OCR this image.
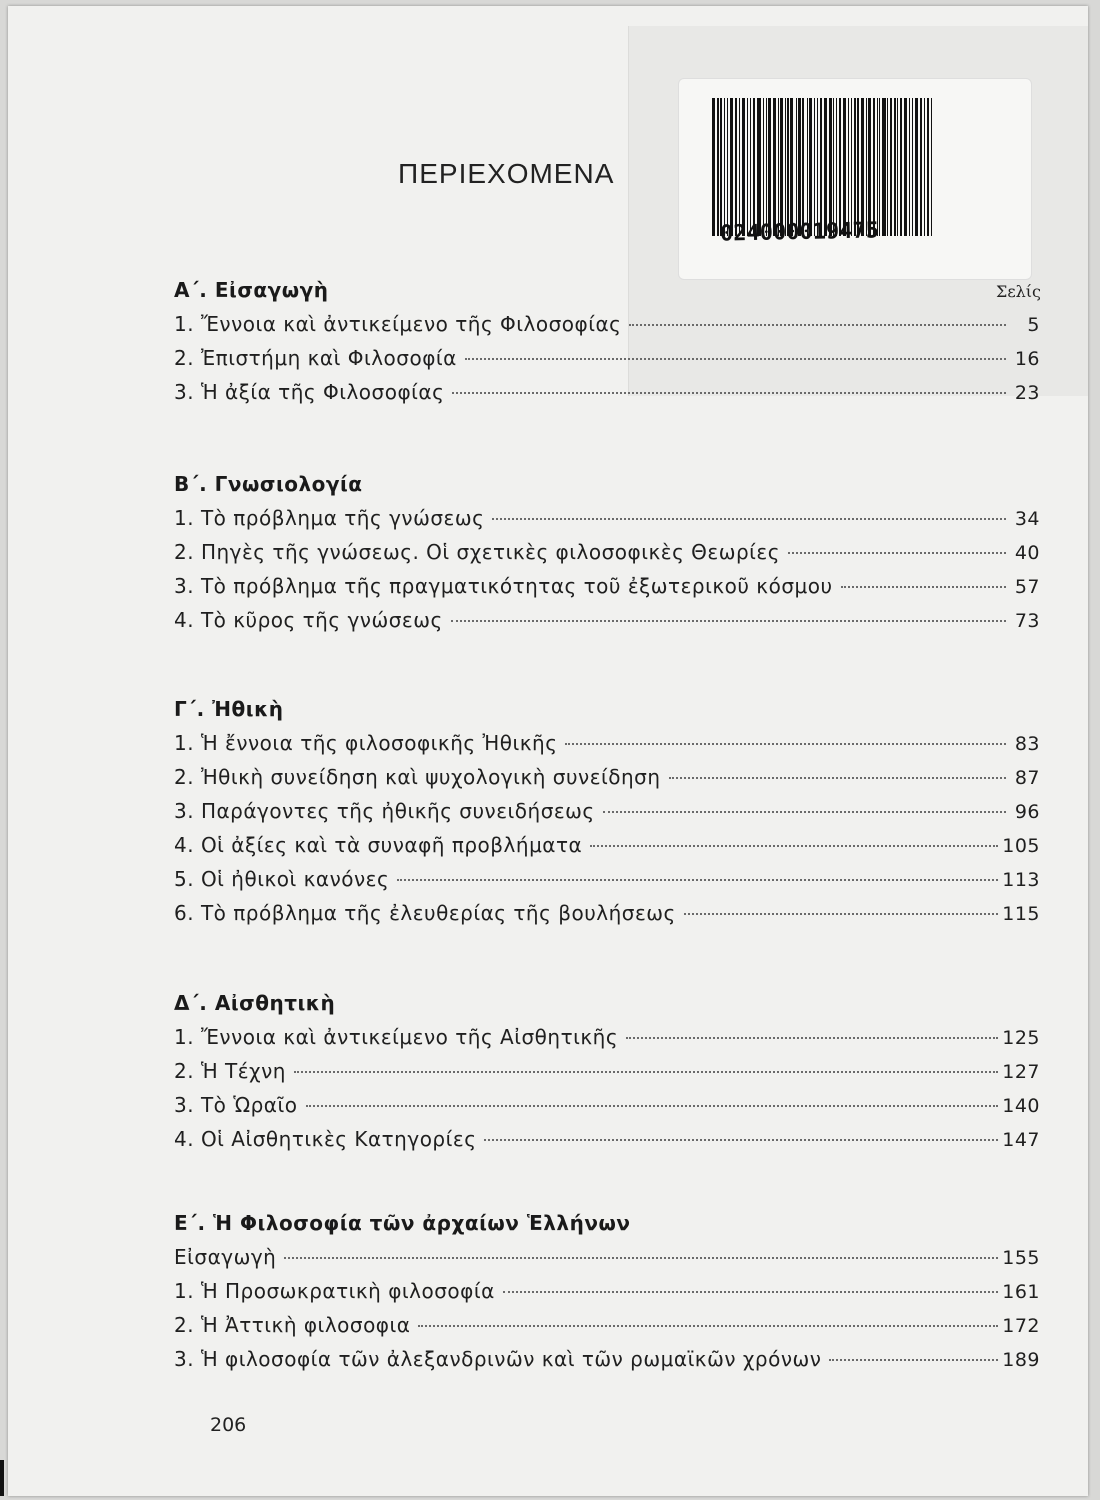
ΠΕΡΙΕΧΟΜΕΝΑ
024000019475
Σελίς
Α΄. Εἰσαγωγὴ
1. Ἔννοια καὶ ἀντικείμενο τῆς Φιλοσοφίας	5
2. Ἐπιστήμη καὶ Φιλοσοφία	16
3. Ἡ ἀξία τῆς Φιλοσοφίας	23
Β΄. Γνωσιολογία
1. Τὸ πρόβλημα τῆς γνώσεως	34
2. Πηγὲς τῆς γνώσεως. Οἱ σχετικὲς φιλοσοφικὲς Θεωρίες	40
3. Τὸ πρόβλημα τῆς πραγματικότητας τοῦ ἐξωτερικοῦ κόσμου	57
4. Τὸ κῦρος τῆς γνώσεως	73
Γ΄. Ἠθικὴ
1. Ἡ ἔννοια τῆς φιλοσοφικῆς Ἠθικῆς	83
2. Ἠθικὴ συνείδηση καὶ ψυχολογικὴ συνείδηση	87
3. Παράγοντες τῆς ἠθικῆς συνειδήσεως	96
4. Οἱ ἀξίες καὶ τὰ συναφῆ προβλήματα	105
5. Οἱ ἠθικοὶ κανόνες	113
6. Τὸ πρόβλημα τῆς ἐλευθερίας τῆς βουλήσεως	115
Δ΄. Αἰσθητικὴ
1. Ἔννοια καὶ ἀντικείμενο τῆς Αἰσθητικῆς	125
2. Ἡ Τέχνη	127
3. Τὸ Ὡραῖο	140
4. Οἱ Αἰσθητικὲς Κατηγορίες	147
Ε΄. Ἡ Φιλοσοφία τῶν ἀρχαίων Ἑλλήνων
Εἰσαγωγὴ	155
1. Ἡ Προσωκρατικὴ φιλοσοφία	161
2. Ἡ Ἀττικὴ φιλοσοφια	172
3. Ἡ φιλοσοφία τῶν ἀλεξανδρινῶν καὶ τῶν ρωμαϊκῶν χρόνων	189
206
